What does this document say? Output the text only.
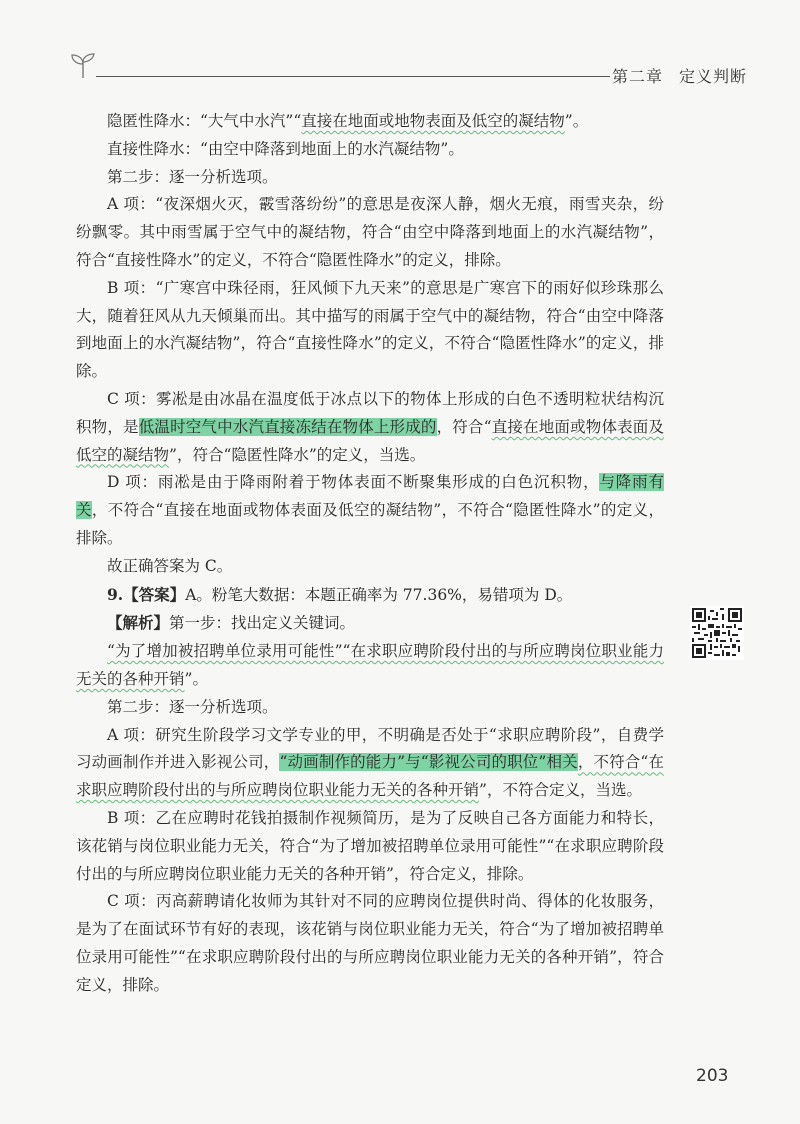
第二章 定义判断

隐匿性降水：“大气中水汽”“直接在地面或地物表面及低空的凝结物”。

直接性降水：“由空中降落到地面上的水汽凝结物”。

第二步：逐一分析选项。

A 项：“夜深烟火灭，霰雪落纷纷”的意思是夜深人静，烟火无痕，雨雪夹杂，纷纷飘零。其中雨雪属于空气中的凝结物，符合“由空中降落到地面上的水汽凝结物”，符合“直接性降水”的定义，不符合“隐匿性降水”的定义，排除。

B 项：“广寒宫中珠径雨，狂风倾下九天来”的意思是广寒宫下的雨好似珍珠那么大，随着狂风从九天倾巢而出。其中描写的雨属于空气中的凝结物，符合“由空中降落到地面上的水汽凝结物”，符合“直接性降水”的定义，不符合“隐匿性降水”的定义，排除。

C 项：雾凇是由冰晶在温度低于冰点以下的物体上形成的白色不透明粒状结构沉积物，是低温时空气中水汽直接冻结在物体上形成的，符合“直接在地面或物体表面及低空的凝结物”，符合“隐匿性降水”的定义，当选。

D 项：雨凇是由于降雨附着于物体表面不断聚集形成的白色沉积物，与降雨有关，不符合“直接在地面或物体表面及低空的凝结物”，不符合“隐匿性降水”的定义，排除。

故正确答案为 C。

9.【答案】A。粉笔大数据：本题正确率为 77.36%，易错项为 D。

【解析】第一步：找出定义关键词。

“为了增加被招聘单位录用可能性”“在求职应聘阶段付出的与所应聘岗位职业能力无关的各种开销”。

第二步：逐一分析选项。

A 项：研究生阶段学习文学专业的甲，不明确是否处于“求职应聘阶段”，自费学习动画制作并进入影视公司，“动画制作的能力”与“影视公司的职位”相关，不符合“在求职应聘阶段付出的与所应聘岗位职业能力无关的各种开销”，不符合定义，当选。

B 项：乙在应聘时花钱拍摄制作视频简历，是为了反映自己各方面能力和特长，该花销与岗位职业能力无关，符合“为了增加被招聘单位录用可能性”“在求职应聘阶段付出的与所应聘岗位职业能力无关的各种开销”，符合定义，排除。

C 项：丙高薪聘请化妆师为其针对不同的应聘岗位提供时尚、得体的化妆服务，是为了在面试环节有好的表现，该花销与岗位职业能力无关，符合“为了增加被招聘单位录用可能性”“在求职应聘阶段付出的与所应聘岗位职业能力无关的各种开销”，符合定义，排除。

203
